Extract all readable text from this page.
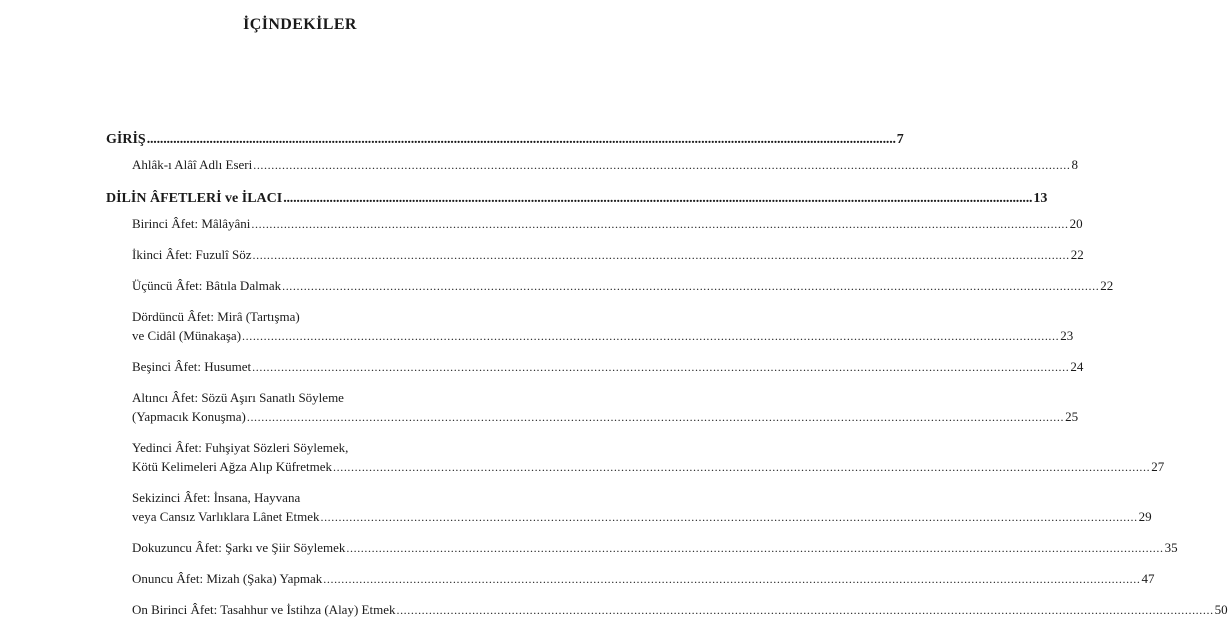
İÇİNDEKİLER
GİRİŞ .....	7
Ahlâk-ı Alâî Adlı Eseri .....	8
DİLİN ÂFETLERİ ve İLACI .....	13
Birinci Âfet: Mâlâyâni .....	20
İkinci Âfet: Fuzulî Söz .....	22
Üçüncü Âfet: Bâtıla Dalmak .....	22
Dördüncü Âfet: Mirâ (Tartışma)
ve Cidâl (Münakaşa) .....	23
Beşinci Âfet: Husumet .....	24
Altıncı Âfet: Sözü Aşırı Sanatlı Söyleme
(Yapmacık Konuşma) .....	25
Yedinci Âfet: Fuhşiyat Sözleri Söylemek,
Kötü Kelimeleri Ağza Alıp Küfretmek .....	27
Sekizinci Âfet: İnsana, Hayvana
veya Cansız Varlıklara Lânet Etmek .....	29
Dokuzuncu Âfet: Şarkı ve Şiir Söylemek .....	35
Onuncu Âfet: Mizah (Şaka) Yapmak .....	47
On Birinci Âfet: Tasahhur ve İstihza (Alay) Etmek .....	50
